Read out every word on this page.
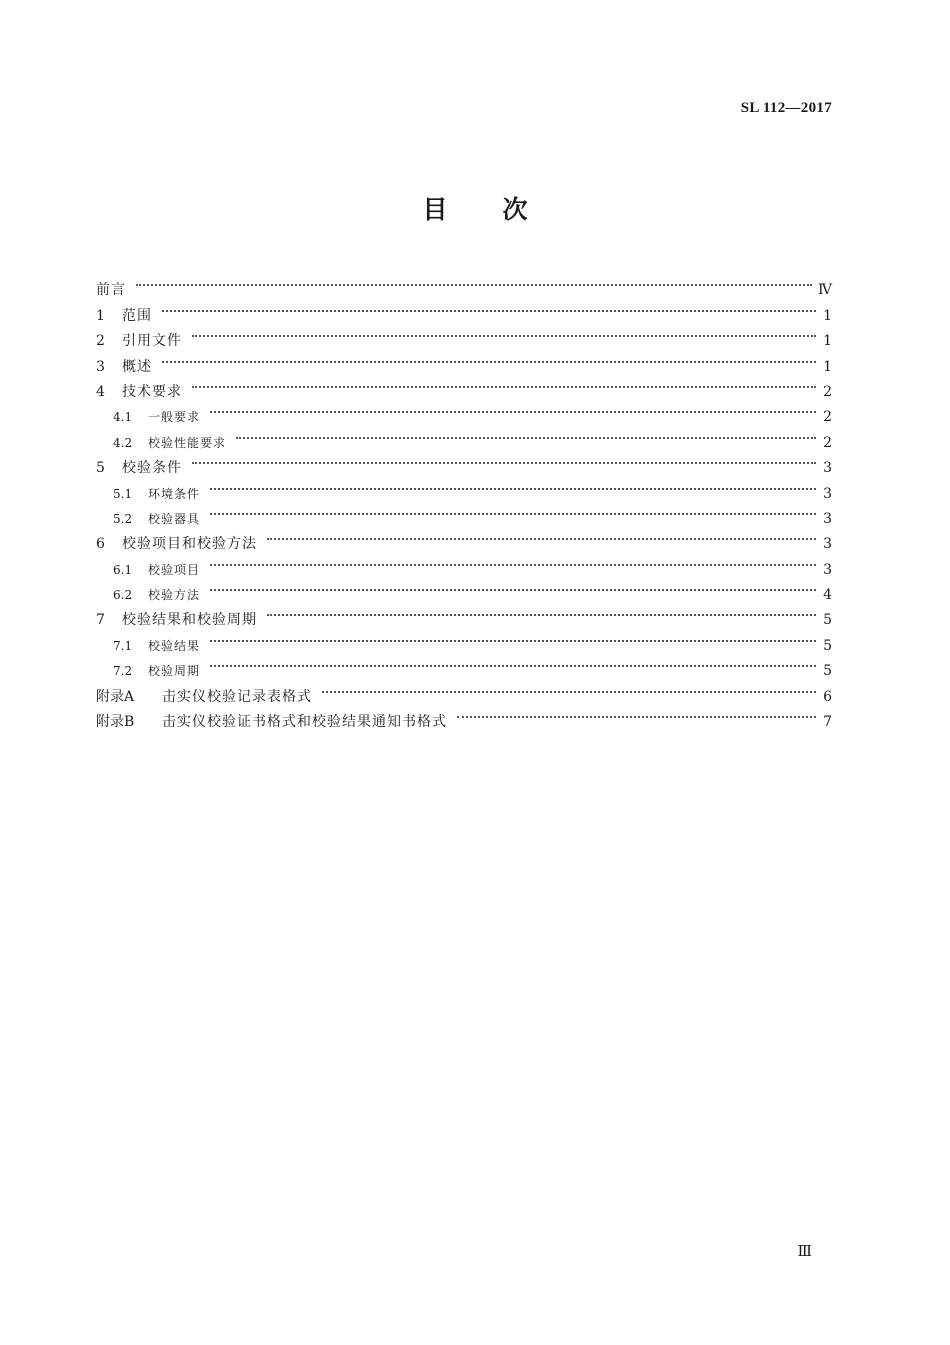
SL 112—2017
目次
前言	Ⅳ
1	范围	1
2	引用文件	1
3	概述	1
4	技术要求	2
4.1	一般要求	2
4.2	校验性能要求	2
5	校验条件	3
5.1	环境条件	3
5.2	校验器具	3
6	校验项目和校验方法	3
6.1	校验项目	3
6.2	校验方法	4
7	校验结果和校验周期	5
7.1	校验结果	5
7.2	校验周期	5
附录A	击实仪校验记录表格式	6
附录B	击实仪校验证书格式和校验结果通知书格式	7
Ⅲ
